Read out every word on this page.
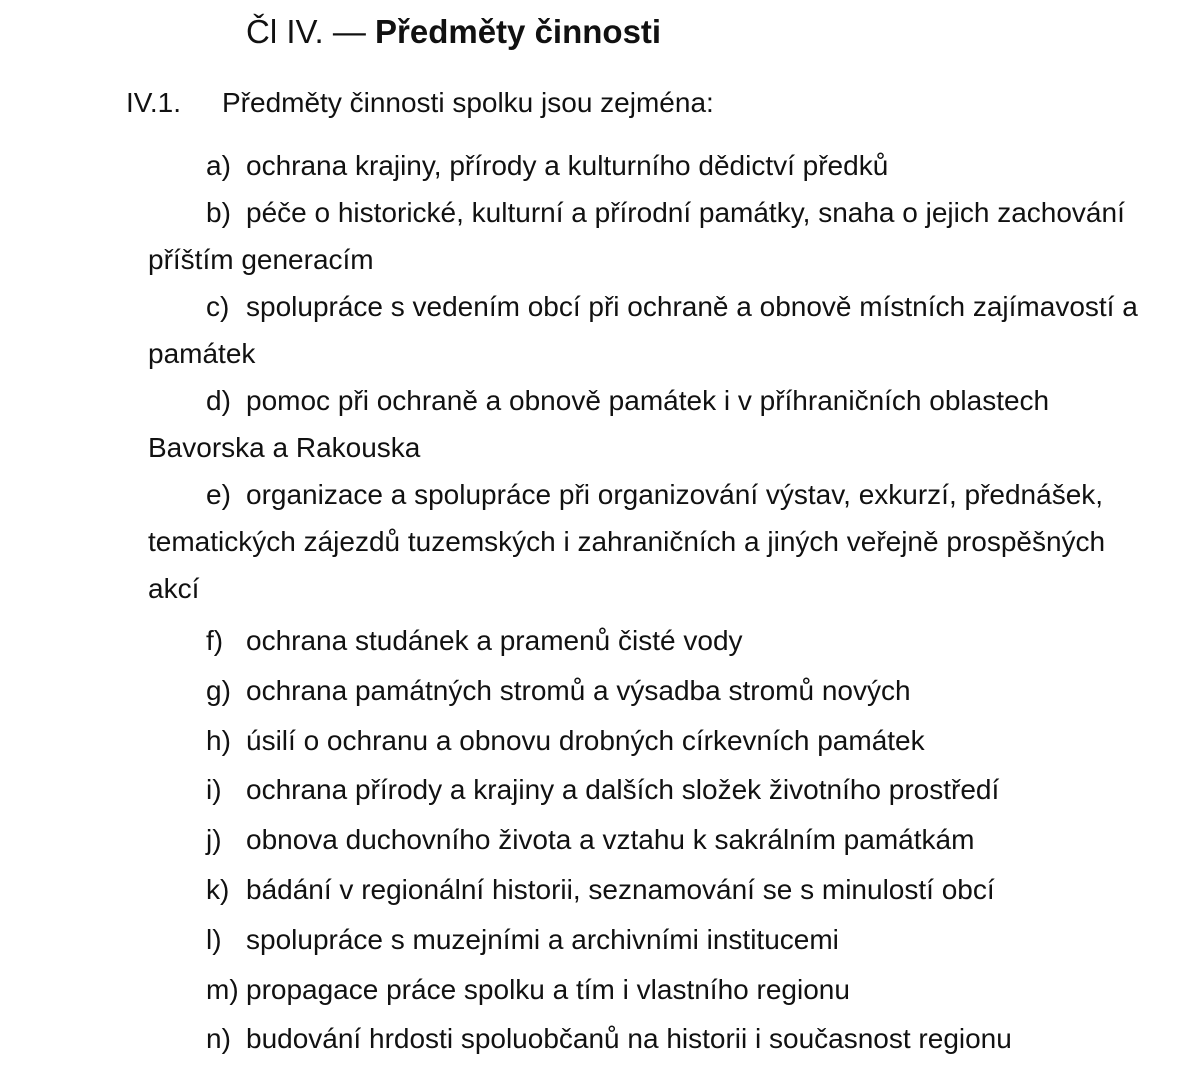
Čl IV. — Předměty činnosti
IV.1. Předměty činnosti spolku jsou zejména:
a) ochrana krajiny, přírody a kulturního dědictví předků
b) péče o historické, kulturní a přírodní památky, snaha o jejich zachování příštím generacím
c) spolupráce s vedením obcí při ochraně a obnově místních zajímavostí a památek
d) pomoc při ochraně a obnově památek i v příhraničních oblastech Bavorska a Rakouska
e) organizace a spolupráce při organizování výstav, exkurzí, přednášek, tematických zájezdů tuzemských i zahraničních a jiných veřejně prospěšných akcí
f) ochrana studánek a pramenů čisté vody
g) ochrana památných stromů a výsadba stromů nových
h) úsilí o ochranu a obnovu drobných církevních památek
i) ochrana přírody a krajiny a dalších složek životního prostředí
j) obnova duchovního života a vztahu k sakrálním památkám
k) bádání v regionální historii, seznamování se s minulostí obcí
l) spolupráce s muzejními a archivními institucemi
m) propagace práce spolku a tím i vlastního regionu
n) budování hrdosti spoluobčanů na historii i současnost regionu
